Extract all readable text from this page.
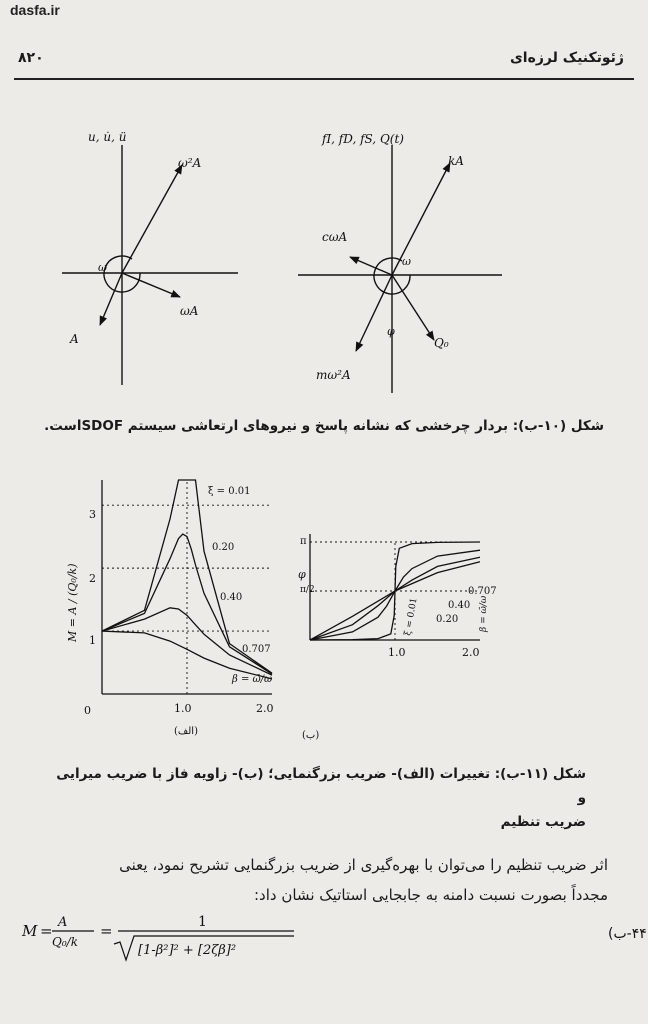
dasfa.ir
۸۲۰	ژئوتکنیک لرزه‌ای
u, u̇, ü
ω²A
ω
ωA
A
fI, fD, fS, Q(t)
kA
cωA
ω
φ
Q₀
mω²A
شکل (۱۰-ب): بردار چرخشی که نشانه پاسخ و نیروهای ارتعاشی سیستم SDOFاست.
3
2
1
0	1.0	2.0
M = A / (Q₀/k)
β = ω̄/ω
(الف)
ξ = 0.01
0.20
0.40
0.707
π
π/2
φ
1.0	2.0
β = ω̄/ω
(ب)
0.707
0.40
0.20
ξ = 0.01
شکل (۱۱-ب): تغییرات (الف)- ضریب بزرگنمایی؛ (ب)- زاویه فاز با ضریب میرایی و
ضریب تنظیم
اثر ضریب تنظیم را می‌توان با بهره‌گیری از ضریب بزرگنمایی تشریح نمود، یعنی
مجدداً بصورت نسبت دامنه به جابجایی استاتیک نشان داد:
M = A
Q₀/k
=	1
[1-β²]² + [2ζβ]²
۴۴-ب)
